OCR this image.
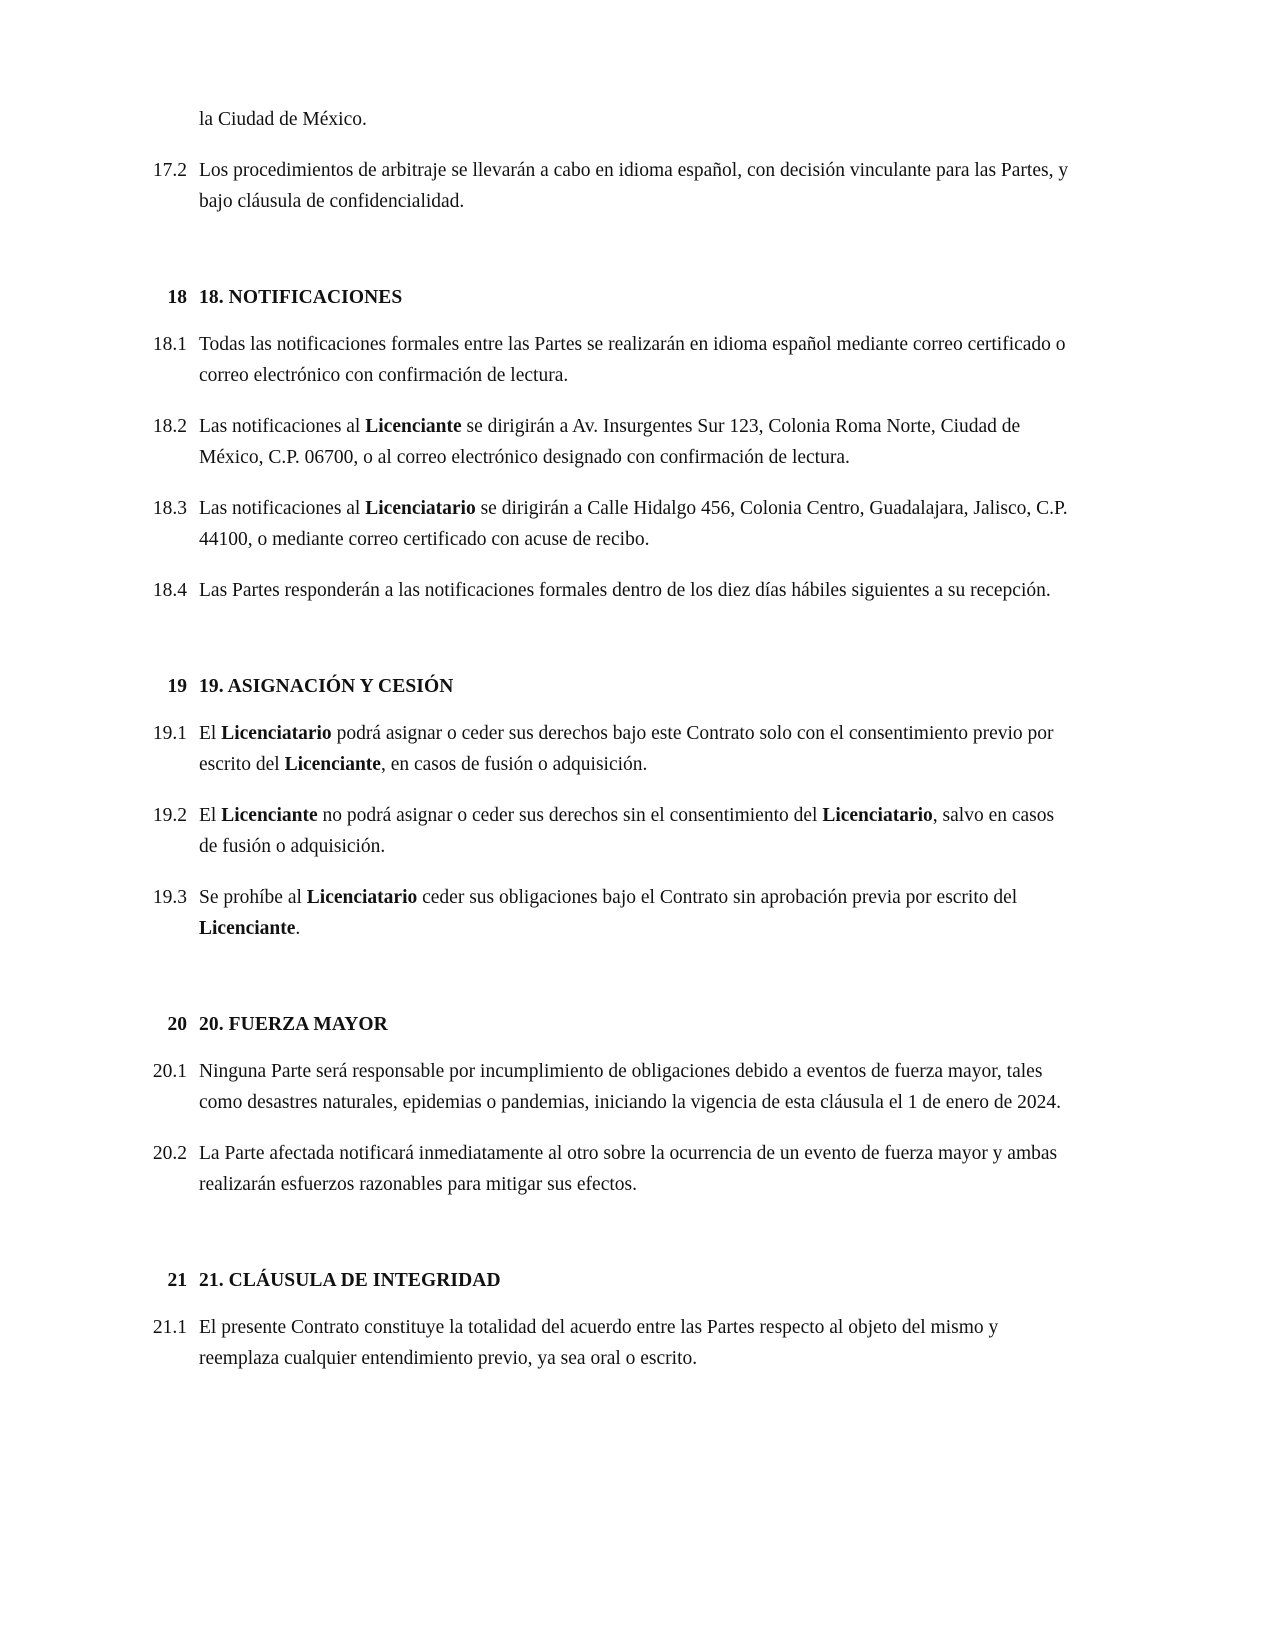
la Ciudad de México.
17.2 Los procedimientos de arbitraje se llevarán a cabo en idioma español, con decisión vinculante para las Partes, y bajo cláusula de confidencialidad.
18 18. NOTIFICACIONES
18.1 Todas las notificaciones formales entre las Partes se realizarán en idioma español mediante correo certificado o correo electrónico con confirmación de lectura.
18.2 Las notificaciones al Licenciante se dirigirán a Av. Insurgentes Sur 123, Colonia Roma Norte, Ciudad de México, C.P. 06700, o al correo electrónico designado con confirmación de lectura.
18.3 Las notificaciones al Licenciatario se dirigirán a Calle Hidalgo 456, Colonia Centro, Guadalajara, Jalisco, C.P. 44100, o mediante correo certificado con acuse de recibo.
18.4 Las Partes responderán a las notificaciones formales dentro de los diez días hábiles siguientes a su recepción.
19 19. ASIGNACIÓN Y CESIÓN
19.1 El Licenciatario podrá asignar o ceder sus derechos bajo este Contrato solo con el consentimiento previo por escrito del Licenciante, en casos de fusión o adquisición.
19.2 El Licenciante no podrá asignar o ceder sus derechos sin el consentimiento del Licenciatario, salvo en casos de fusión o adquisición.
19.3 Se prohíbe al Licenciatario ceder sus obligaciones bajo el Contrato sin aprobación previa por escrito del Licenciante.
20 20. FUERZA MAYOR
20.1 Ninguna Parte será responsable por incumplimiento de obligaciones debido a eventos de fuerza mayor, tales como desastres naturales, epidemias o pandemias, iniciando la vigencia de esta cláusula el 1 de enero de 2024.
20.2 La Parte afectada notificará inmediatamente al otro sobre la ocurrencia de un evento de fuerza mayor y ambas realizarán esfuerzos razonables para mitigar sus efectos.
21 21. CLÁUSULA DE INTEGRIDAD
21.1 El presente Contrato constituye la totalidad del acuerdo entre las Partes respecto al objeto del mismo y reemplaza cualquier entendimiento previo, ya sea oral o escrito.
